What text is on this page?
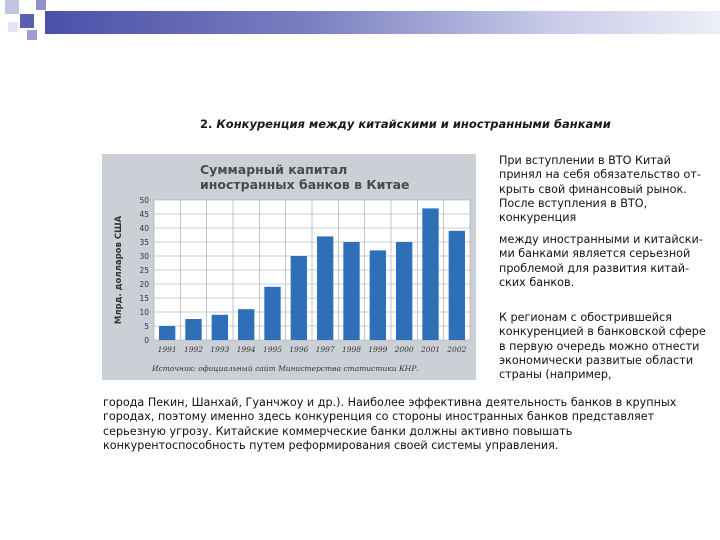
2. Конкуренция между китайскими и иностранными банками
Суммарный капитал
иностранных банков в Китае
0
5
10
15
20
25
30
35
40
45
50
1991 1992 1993 1994 1995 1996 1997 1998 1999 2000 2001 2002
Млрд. долларов США
Источник: официальный сайт Министерства статистики КНР.
При вступлении в ВТО Китай принял на себя обязательство от-крыть свой финансовый рынок. После вступления в ВТО, конкуренция
между иностранными и китайски-ми банками является серьезной проблемой для развития китай-ских банков.
К регионам с обострившейся конкуренцией в банковской сфере в первую очередь можно отнести экономически развитые области страны (например,
города Пекин, Шанхай, Гуанчжоу и др.). Наиболее эффективна деятельность банков в крупных городах, поэтому именно здесь конкуренция со стороны иностранных банков представляет серьезную угрозу. Китайские коммерческие банки должны активно повышать конкурентоспособность путем реформирования своей системы управления.
